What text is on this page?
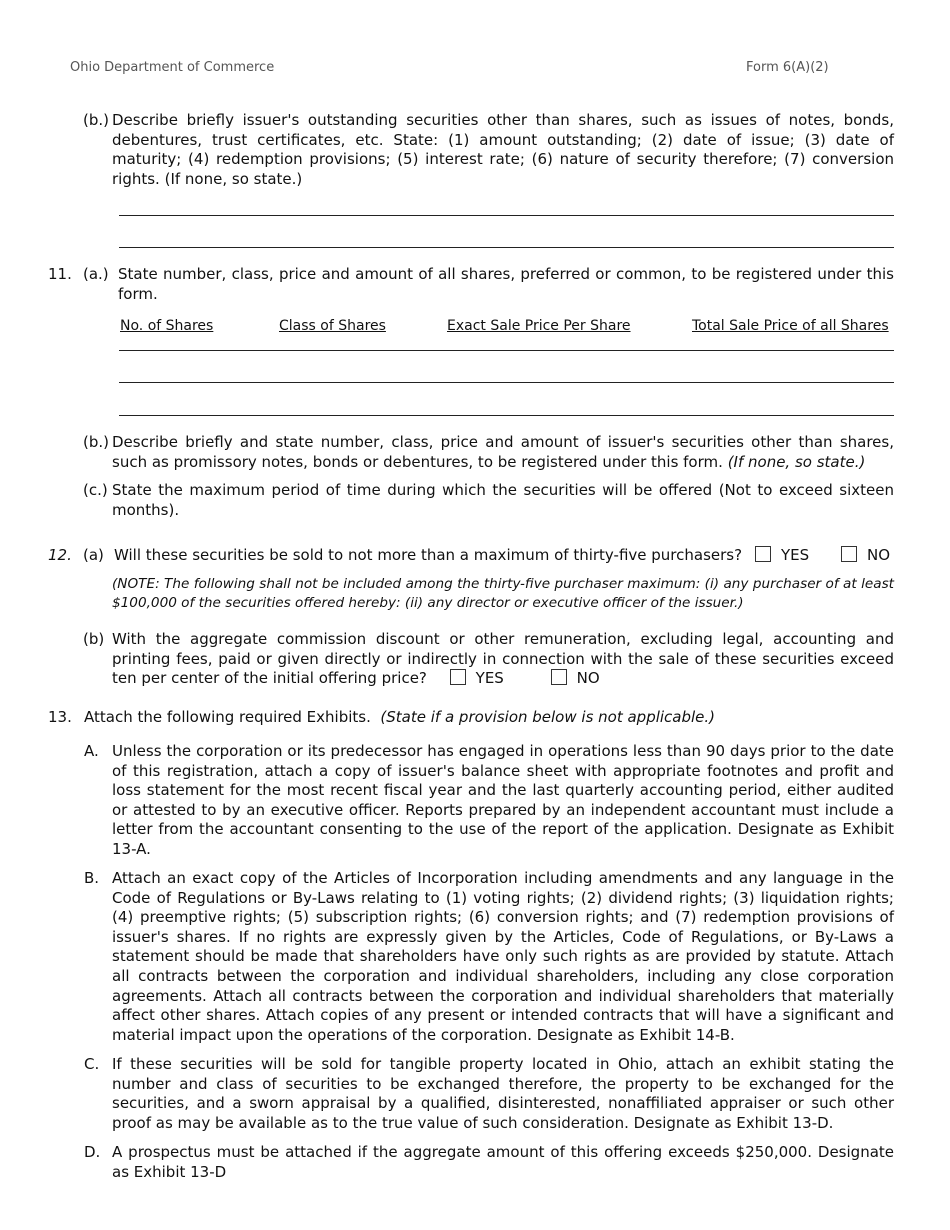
Ohio Department of Commerce	Form 6(A)(2)
(b.) Describe briefly issuer's outstanding securities other than shares, such as issues of notes, bonds, debentures, trust certificates, etc. State: (1) amount outstanding; (2) date of issue; (3) date of maturity; (4) redemption provisions; (5) interest rate; (6) nature of security therefore; (7) conversion rights. (If none, so state.)
11. (a.) State number, class, price and amount of all shares, preferred or common, to be registered under this form.
No. of Shares	Class of Shares	Exact Sale Price Per Share	Total Sale Price of all Shares
(b.) Describe briefly and state number, class, price and amount of issuer's securities other than shares, such as promissory notes, bonds or debentures, to be registered under this form. (If none, so state.)
(c.) State the maximum period of time during which the securities will be offered (Not to exceed sixteen months).
12. (a) Will these securities be sold to not more than a maximum of thirty-five purchasers?	YES	NO
(NOTE: The following shall not be included among the thirty-five purchaser maximum: (i) any purchaser of at least $100,000 of the securities offered hereby: (ii) any director or executive officer of the issuer.)
(b) With the aggregate commission discount or other remuneration, excluding legal, accounting and printing fees, paid or given directly or indirectly in connection with the sale of these securities exceed ten per center of the initial offering price?	YES	NO
13. Attach the following required Exhibits. (State if a provision below is not applicable.)
A. Unless the corporation or its predecessor has engaged in operations less than 90 days prior to the date of this registration, attach a copy of issuer's balance sheet with appropriate footnotes and profit and loss statement for the most recent fiscal year and the last quarterly accounting period, either audited or attested to by an executive officer. Reports prepared by an independent accountant must include a letter from the accountant consenting to the use of the report of the application. Designate as Exhibit 13-A.
B. Attach an exact copy of the Articles of Incorporation including amendments and any language in the Code of Regulations or By-Laws relating to (1) voting rights; (2) dividend rights; (3) liquidation rights; (4) preemptive rights; (5) subscription rights; (6) conversion rights; and (7) redemption provisions of issuer's shares. If no rights are expressly given by the Articles, Code of Regulations, or By-Laws a statement should be made that shareholders have only such rights as are provided by statute. Attach all contracts between the corporation and individual shareholders, including any close corporation agreements. Attach all contracts between the corporation and individual shareholders that materially affect other shares. Attach copies of any present or intended contracts that will have a significant and material impact upon the operations of the corporation. Designate as Exhibit 14-B.
C. If these securities will be sold for tangible property located in Ohio, attach an exhibit stating the number and class of securities to be exchanged therefore, the property to be exchanged for the securities, and a sworn appraisal by a qualified, disinterested, nonaffiliated appraiser or such other proof as may be available as to the true value of such consideration. Designate as Exhibit 13-D.
D. A prospectus must be attached if the aggregate amount of this offering exceeds $250,000. Designate as Exhibit 13-D
